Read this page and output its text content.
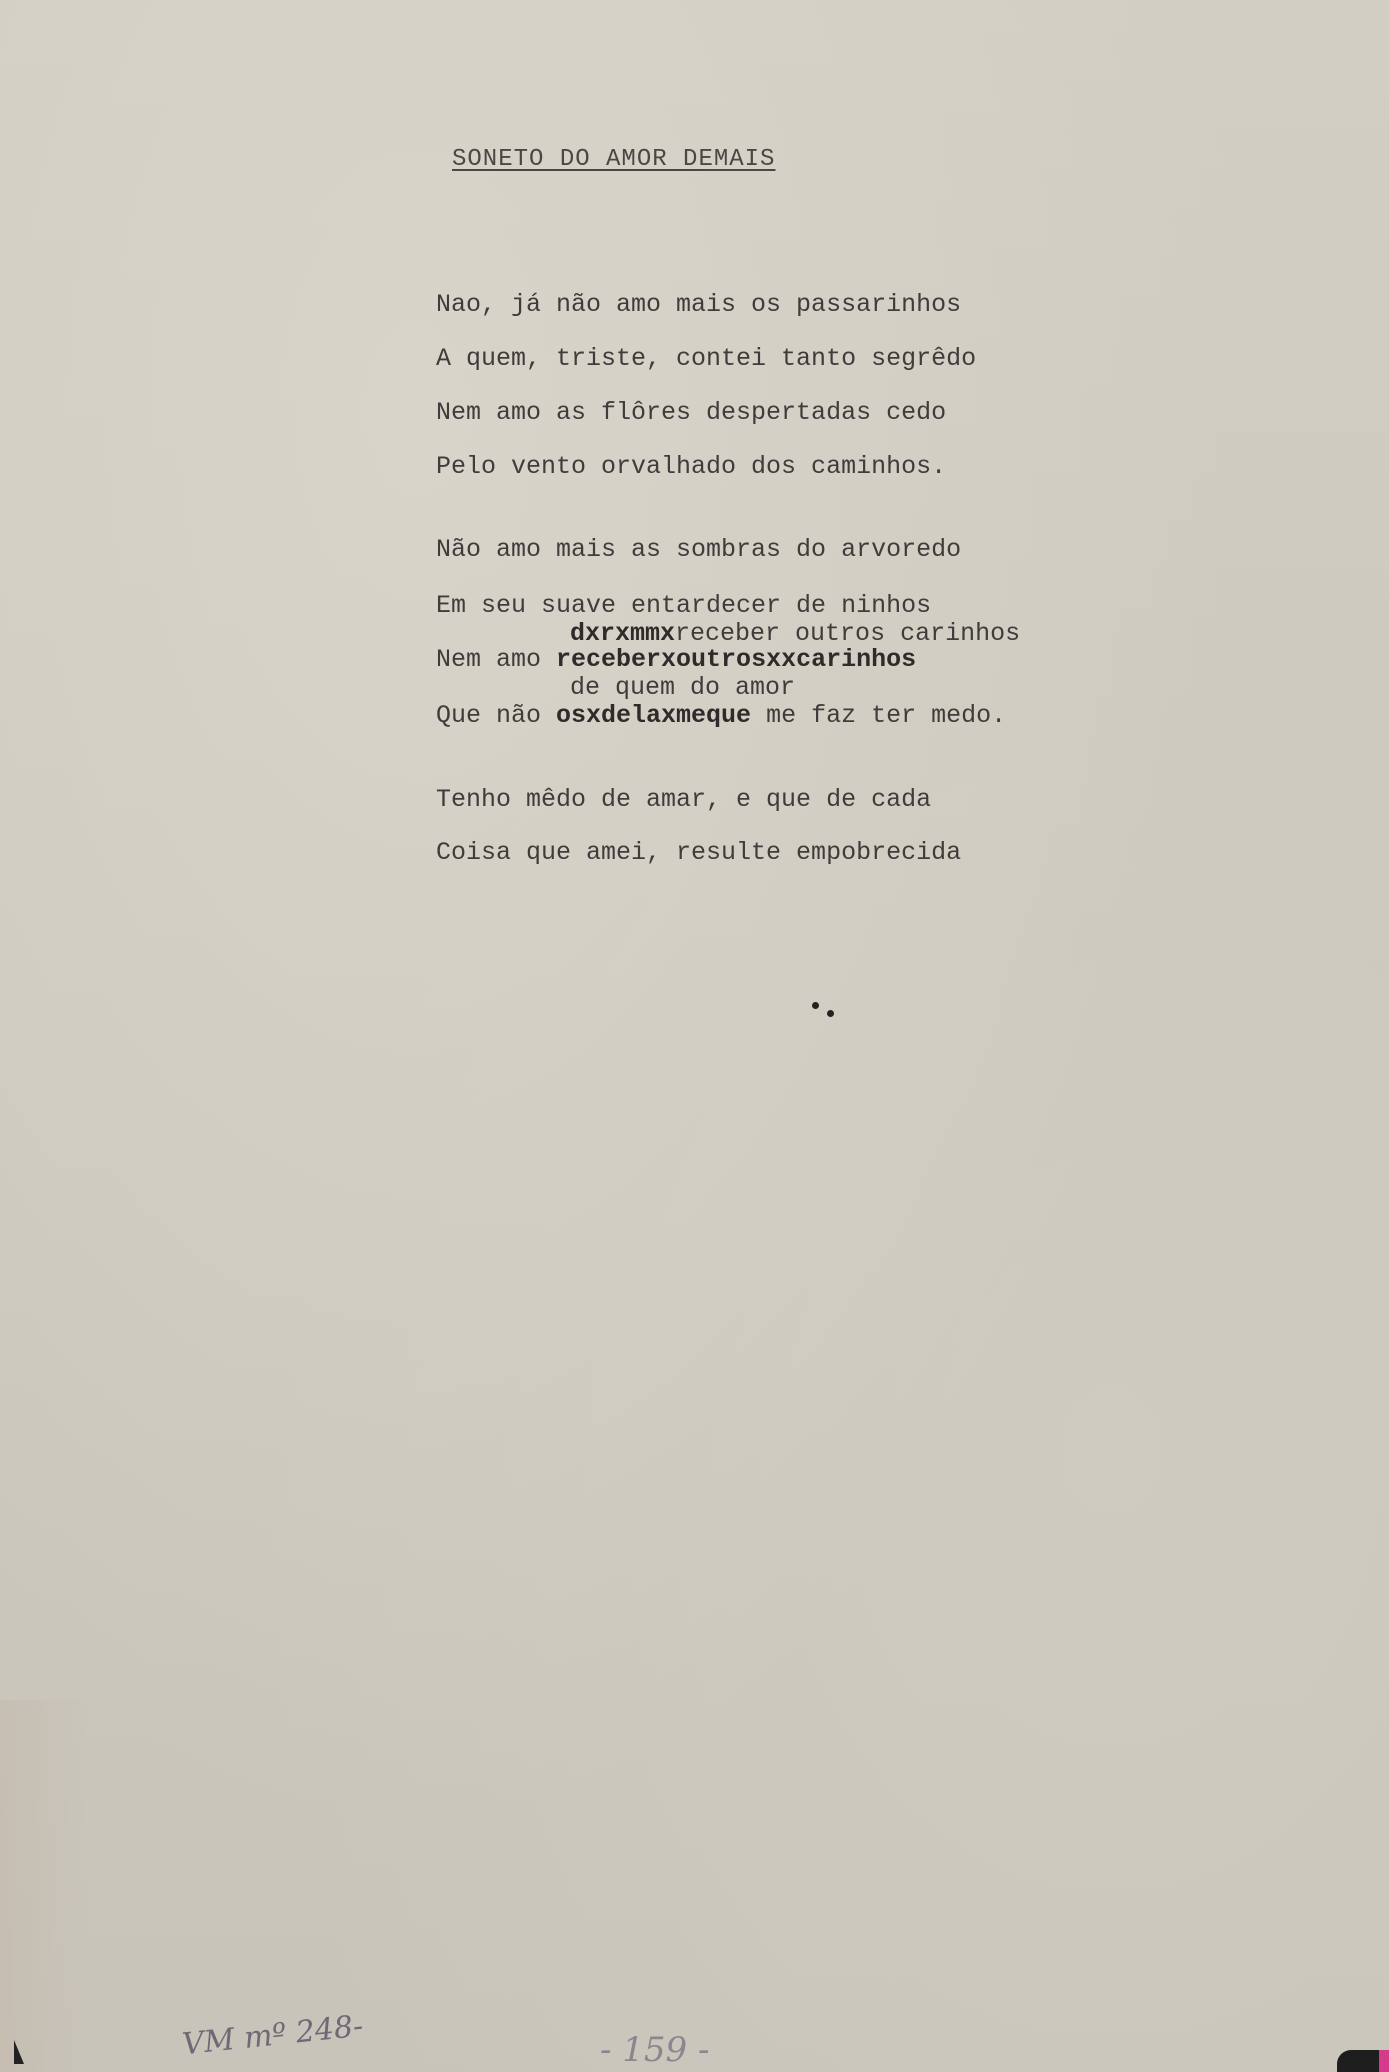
SONETO DO AMOR DEMAIS
Nao, já não amo mais os passarinhos
A quem, triste, contei tanto segrêdo
Nem amo as flôres despertadas cedo
Pelo vento orvalhado dos caminhos.
Não amo mais as sombras do arvoredo
Em seu suave entardecer de ninhos
dxrxmmxreceber outros carinhos
Nem amo receberxoutrosxxcarinhos
de quem do amor
Que não osxdelaxmeque me faz ter medo.
Tenho mêdo de amar, e que de cada
Coisa que amei, resulte empobrecida
VM mº 248-	- 159 -
